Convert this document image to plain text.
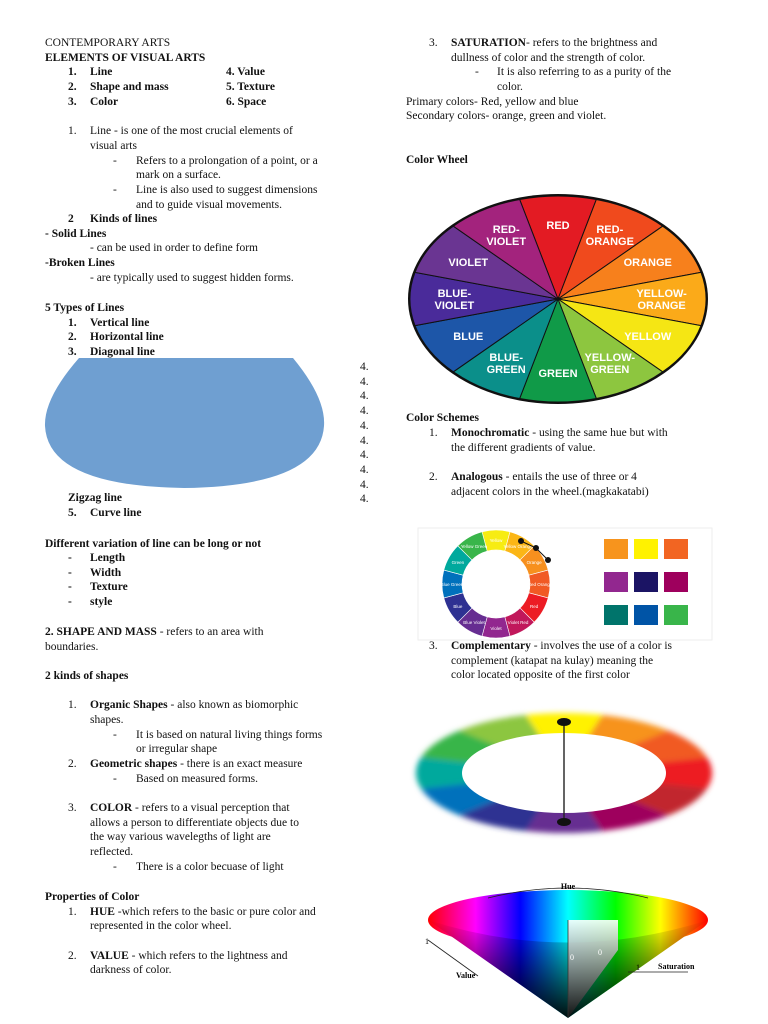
CONTEMPORARY ARTS
ELEMENTS OF VISUAL ARTS
1. Line	4. Value
2. Shape and mass	5. Texture
3. Color	6. Space
1. Line - is one of the most crucial elements of
visual arts
- Refers to a prolongation of a point, or a
mark on a surface.
- Line is also used to suggest dimensions
and to guide visual movements.
2 Kinds of lines
- Solid Lines
- can be used in order to define form
-Broken Lines
- are typically used to suggest hidden forms.
5 Types of Lines
1. Vertical line
2. Horizontal line
3. Diagonal line
4.
4.
4.
4.
4.
4.
4.
4.
4.
4.
Zigzag line
5. Curve line
Different variation of line can be long or not
- Length
- Width
- Texture
- style
2. SHAPE AND MASS - refers to an area with
boundaries.
2 kinds of shapes
1. Organic Shapes - also known as biomorphic
shapes.
- It is based on natural living things forms
or irregular shape
2. Geometric shapes - there is an exact measure
- Based on measured forms.
3. COLOR - refers to a visual perception that
allows a person to differentiate objects due to
the way various wavelegths of light are
reflected.
- There is a color becuase of light
Properties of Color
1. HUE -which refers to the basic or pure color and
represented in the color wheel.
2. VALUE - which refers to the lightness and
darkness of color.
3. SATURATION- refers to the brightness and
dullness of color and the strength of color.
- It is also referring to as a purity of the
color.
Primary colors- Red, yellow and blue
Secondary colors- orange, green and violet.
Color Wheel
RED	RED-ORANGE
ORANGE
YELLOW-ORANGE
YELLOW
YELLOW-GREEN
GREEN
BLUE-GREEN
BLUE
BLUE-VIOLET
VIOLET
RED-VIOLET
Color Schemes
1. Monochromatic - using the same hue but with
the different gradients of value.
2. Analogous - entails the use of three or 4
adjacent colors in the wheel.(magkakatabi)
Yellow
Yellow Orange
Orange
Red Orange
Red
Violet Red
Violet
Blue Violet
Blue
Blue Green
Green
Yellow Green
3. Complementary - involves the use of a color is
complement (katapat na kulay) meaning the
color located opposite of the first color
Hue
Value
Saturation
1
1
0
0
